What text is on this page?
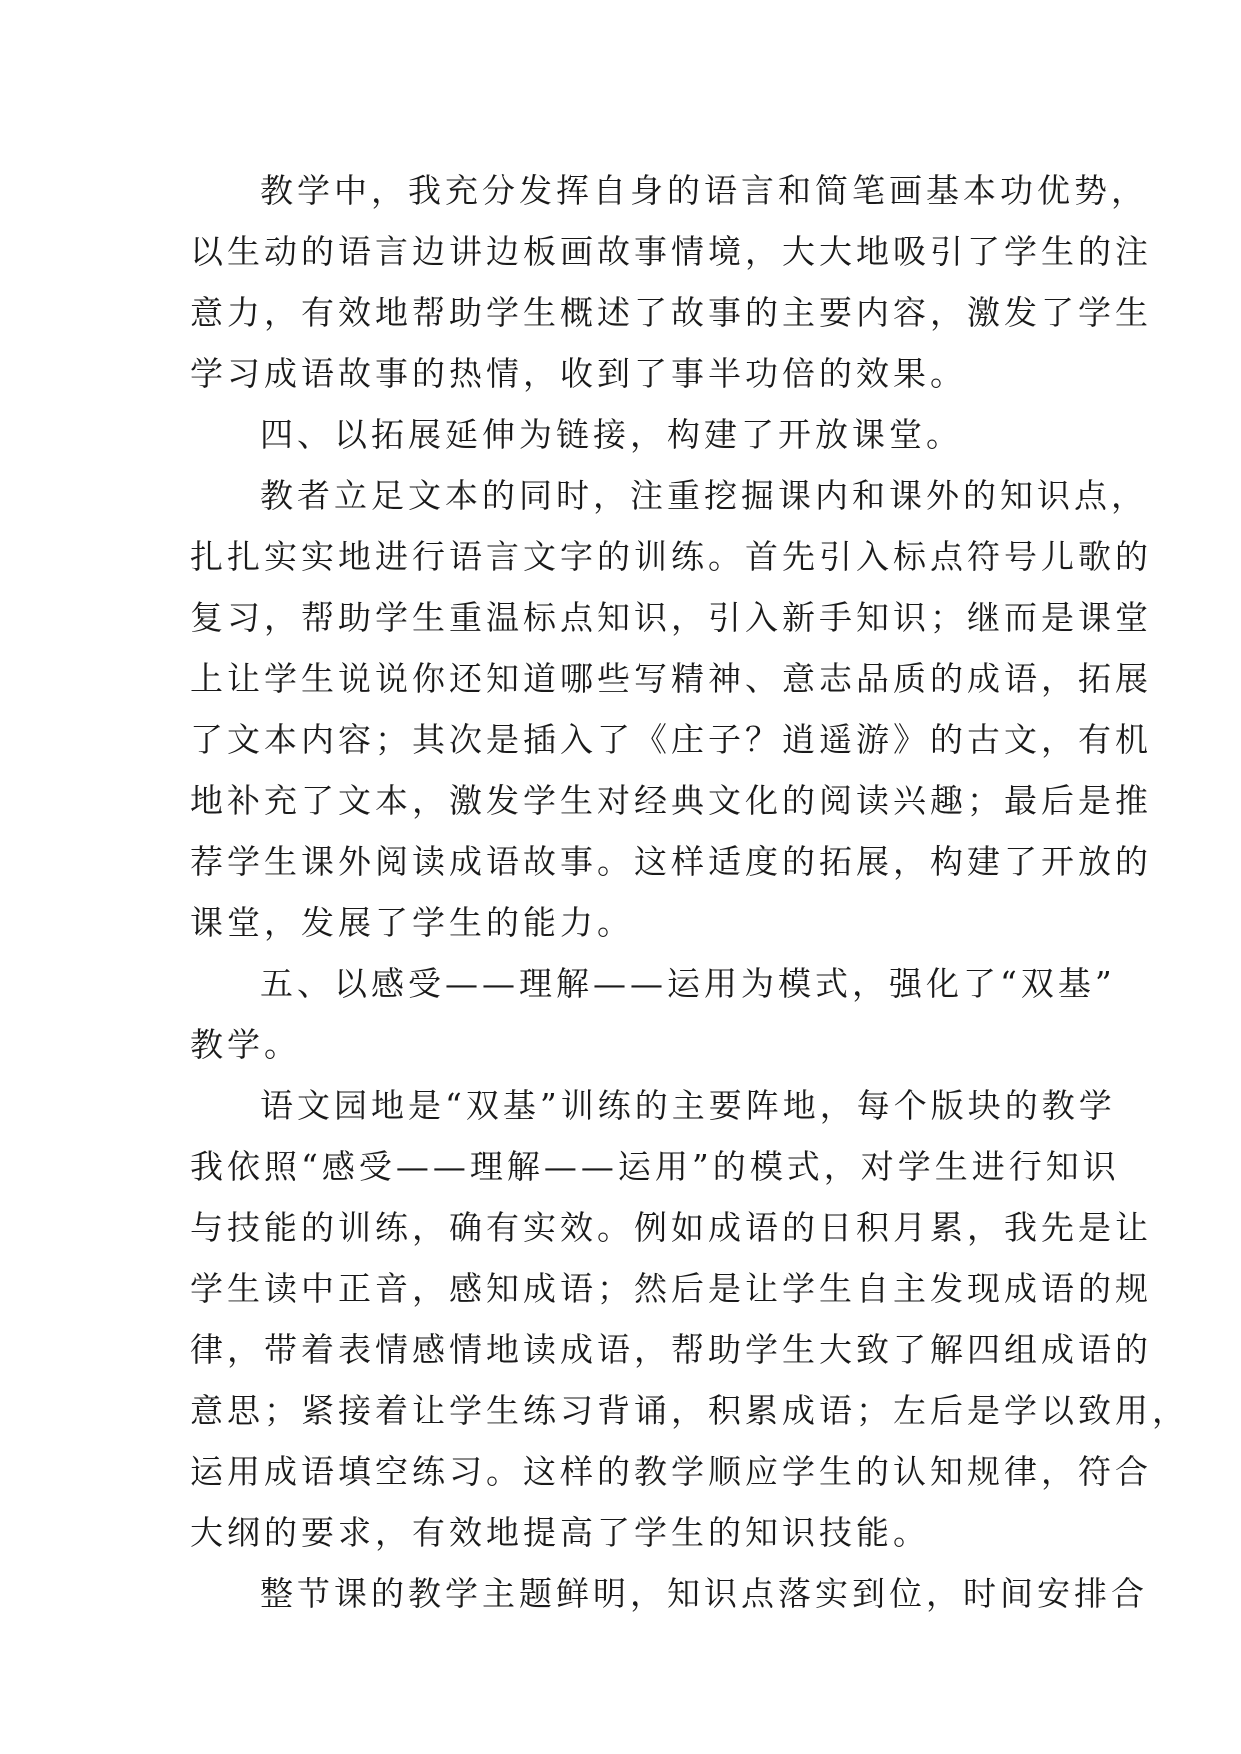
教学中，我充分发挥自身的语言和简笔画基本功优势，
以生动的语言边讲边板画故事情境，大大地吸引了学生的注
意力，有效地帮助学生概述了故事的主要内容，激发了学生
学习成语故事的热情，收到了事半功倍的效果。
四、以拓展延伸为链接，构建了开放课堂。
教者立足文本的同时，注重挖掘课内和课外的知识点，
扎扎实实地进行语言文字的训练。首先引入标点符号儿歌的
复习，帮助学生重温标点知识，引入新手知识；继而是课堂
上让学生说说你还知道哪些写精神、意志品质的成语，拓展
了文本内容；其次是插入了《庄子？逍遥游》的古文，有机
地补充了文本，激发学生对经典文化的阅读兴趣；最后是推
荐学生课外阅读成语故事。这样适度的拓展，构建了开放的
课堂，发展了学生的能力。
五、以感受——理解——运用为模式，强化了“双基”
教学。
语文园地是“双基”训练的主要阵地，每个版块的教学
我依照“感受——理解——运用”的模式，对学生进行知识
与技能的训练，确有实效。例如成语的日积月累，我先是让
学生读中正音，感知成语；然后是让学生自主发现成语的规
律，带着表情感情地读成语，帮助学生大致了解四组成语的
意思；紧接着让学生练习背诵，积累成语；左后是学以致用，
运用成语填空练习。这样的教学顺应学生的认知规律，符合
大纲的要求，有效地提高了学生的知识技能。
整节课的教学主题鲜明，知识点落实到位，时间安排合
